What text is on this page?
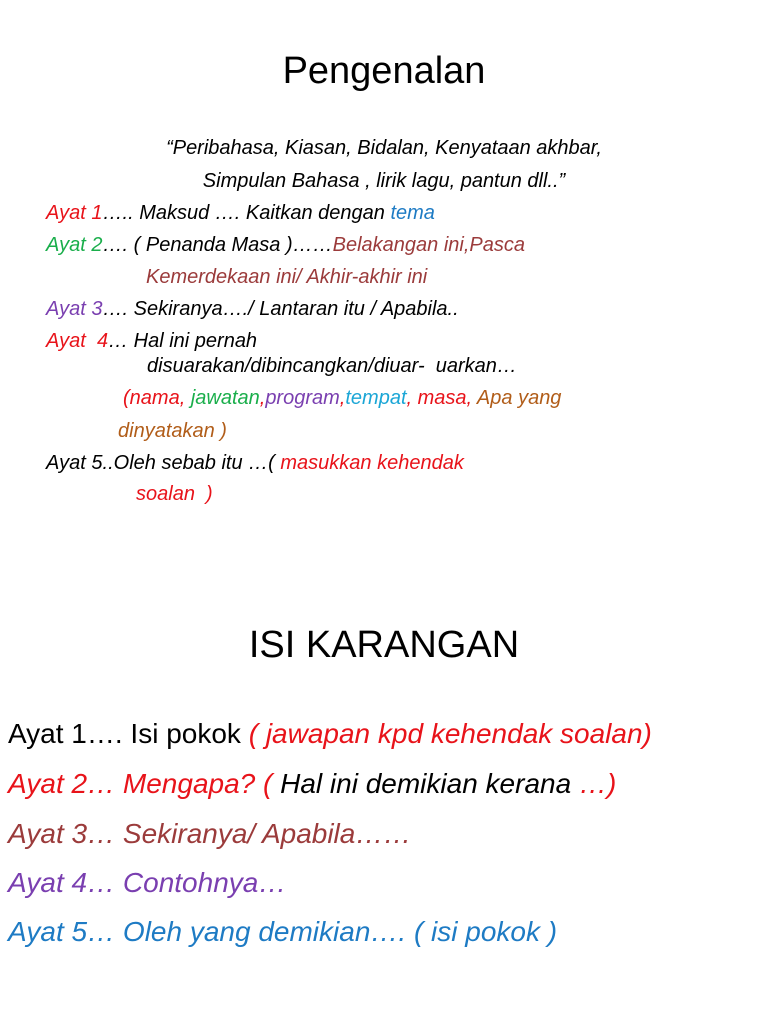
Pengenalan
“Peribahasa, Kiasan, Bidalan, Kenyataan akhbar,
Simpulan Bahasa , lirik lagu, pantun dll..”
Ayat 1….. Maksud …. Kaitkan dengan tema
Ayat 2…. ( Penanda Masa )……Belakangan ini,Pasca
Kemerdekaan ini/ Akhir-akhir ini
Ayat 3…. Sekiranya…./ Lantaran itu / Apabila..
Ayat  4… Hal ini pernah
disuarakan/dibincangkan/diuar-  uarkan…
(nama, jawatan,program,tempat, masa, Apa yang
dinyatakan )
Ayat 5..Oleh sebab itu …( masukkan kehendak
soalan  )
ISI KARANGAN
Ayat 1…. Isi pokok ( jawapan kpd kehendak soalan)
Ayat 2… Mengapa? ( Hal ini demikian kerana …)
Ayat 3… Sekiranya/ Apabila……
Ayat 4… Contohnya…
Ayat 5… Oleh yang demikian…. ( isi pokok )
